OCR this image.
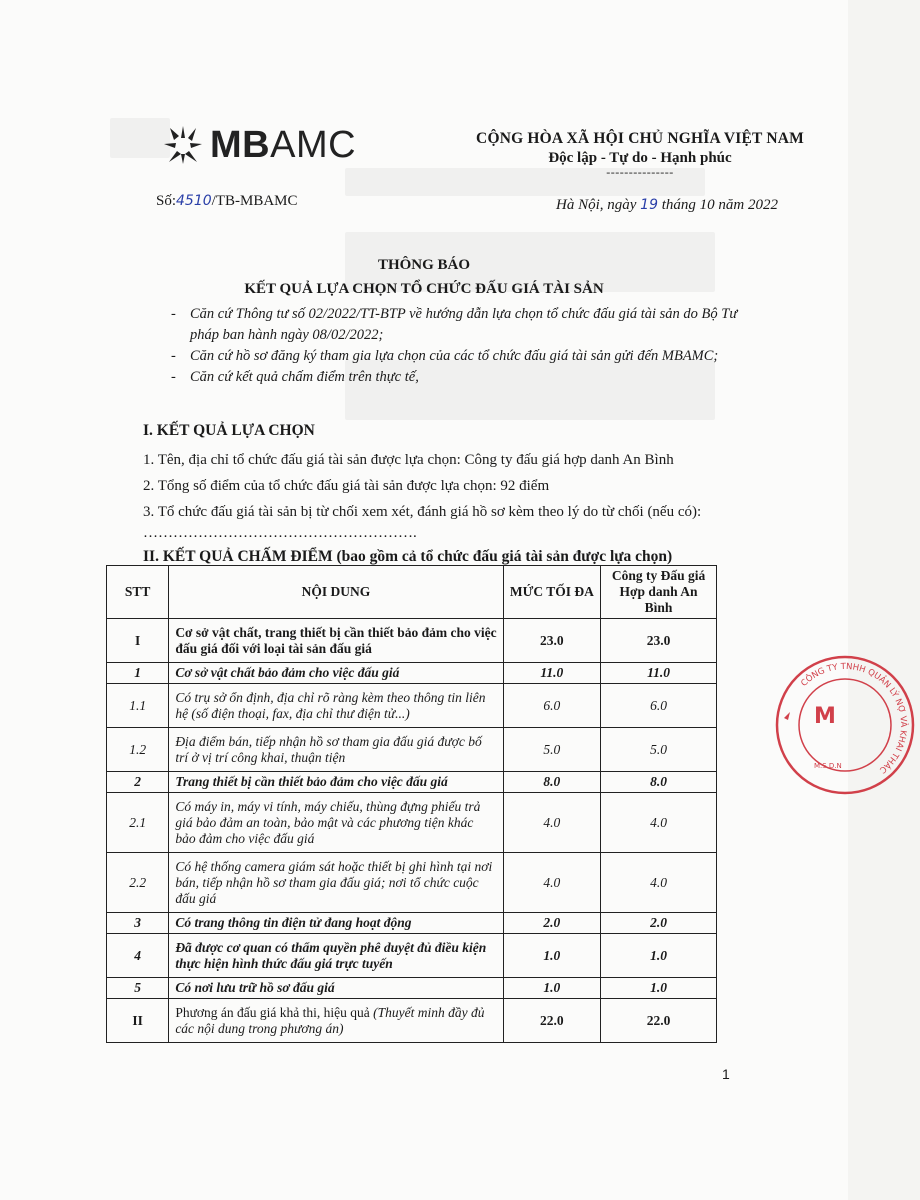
MBAMC	CỘNG HÒA XÃ HỘI CHỦ NGHĨA VIỆT NAM
Độc lập - Tự do - Hạnh phúc
---------------
Số:4510/TB-MBAMC	Hà Nội, ngày 19 tháng 10 năm 2022
THÔNG BÁO
KẾT QUẢ LỰA CHỌN TỔ CHỨC ĐẤU GIÁ TÀI SẢN
- Căn cứ Thông tư số 02/2022/TT-BTP về hướng dẫn lựa chọn tổ chức đấu giá tài sản do Bộ Tư pháp ban hành ngày 08/02/2022;
- Căn cứ hồ sơ đăng ký tham gia lựa chọn của các tổ chức đấu giá tài sản gửi đến MBAMC;
- Căn cứ kết quả chấm điểm trên thực tế,
I. KẾT QUẢ LỰA CHỌN

1. Tên, địa chỉ tổ chức đấu giá tài sản được lựa chọn: Công ty đấu giá hợp danh An Bình

2. Tổng số điểm của tổ chức đấu giá tài sản được lựa chọn: 92 điểm

3. Tổ chức đấu giá tài sản bị từ chối xem xét, đánh giá hồ sơ kèm theo lý do từ chối (nếu có): ……………………………………………….

II. KẾT QUẢ CHẤM ĐIỂM (bao gồm cả tổ chức đấu giá tài sản được lựa chọn)
STT	NỘI DUNG	MỨC TỐI ĐA	Công ty Đấu giá Hợp danh An Bình
I	Cơ sở vật chất, trang thiết bị cần thiết bảo đảm cho việc đấu giá đối với loại tài sản đấu giá	23.0	23.0
1	Cơ sở vật chất bảo đảm cho việc đấu giá	11.0	11.0
1.1	Có trụ sở ổn định, địa chỉ rõ ràng kèm theo thông tin liên hệ (số điện thoại, fax, địa chỉ thư điện tử...)	6.0	6.0
1.2	Địa điểm bán, tiếp nhận hồ sơ tham gia đấu giá được bố trí ở vị trí công khai, thuận tiện	5.0	5.0
2	Trang thiết bị cần thiết bảo đảm cho việc đấu giá	8.0	8.0
2.1	Có máy in, máy vi tính, máy chiếu, thùng đựng phiếu trả giá bảo đảm an toàn, bảo mật và các phương tiện khác bảo đảm cho việc đấu giá	4.0	4.0
2.2	Có hệ thống camera giám sát hoặc thiết bị ghi hình tại nơi bán, tiếp nhận hồ sơ tham gia đấu giá; nơi tổ chức cuộc đấu giá	4.0	4.0
3	Có trang thông tin điện tử đang hoạt động	2.0	2.0
4	Đã được cơ quan có thẩm quyền phê duyệt đủ điều kiện thực hiện hình thức đấu giá trực tuyến	1.0	1.0
5	Có nơi lưu trữ hồ sơ đấu giá	1.0	1.0
II	Phương án đấu giá khả thi, hiệu quả (Thuyết minh đầy đủ các nội dung trong phương án)	22.0	22.0
1
CÔNG TY TNHH QUẢN LÝ NỢ VÀ KHAI THÁC
M
M.S.D.N
